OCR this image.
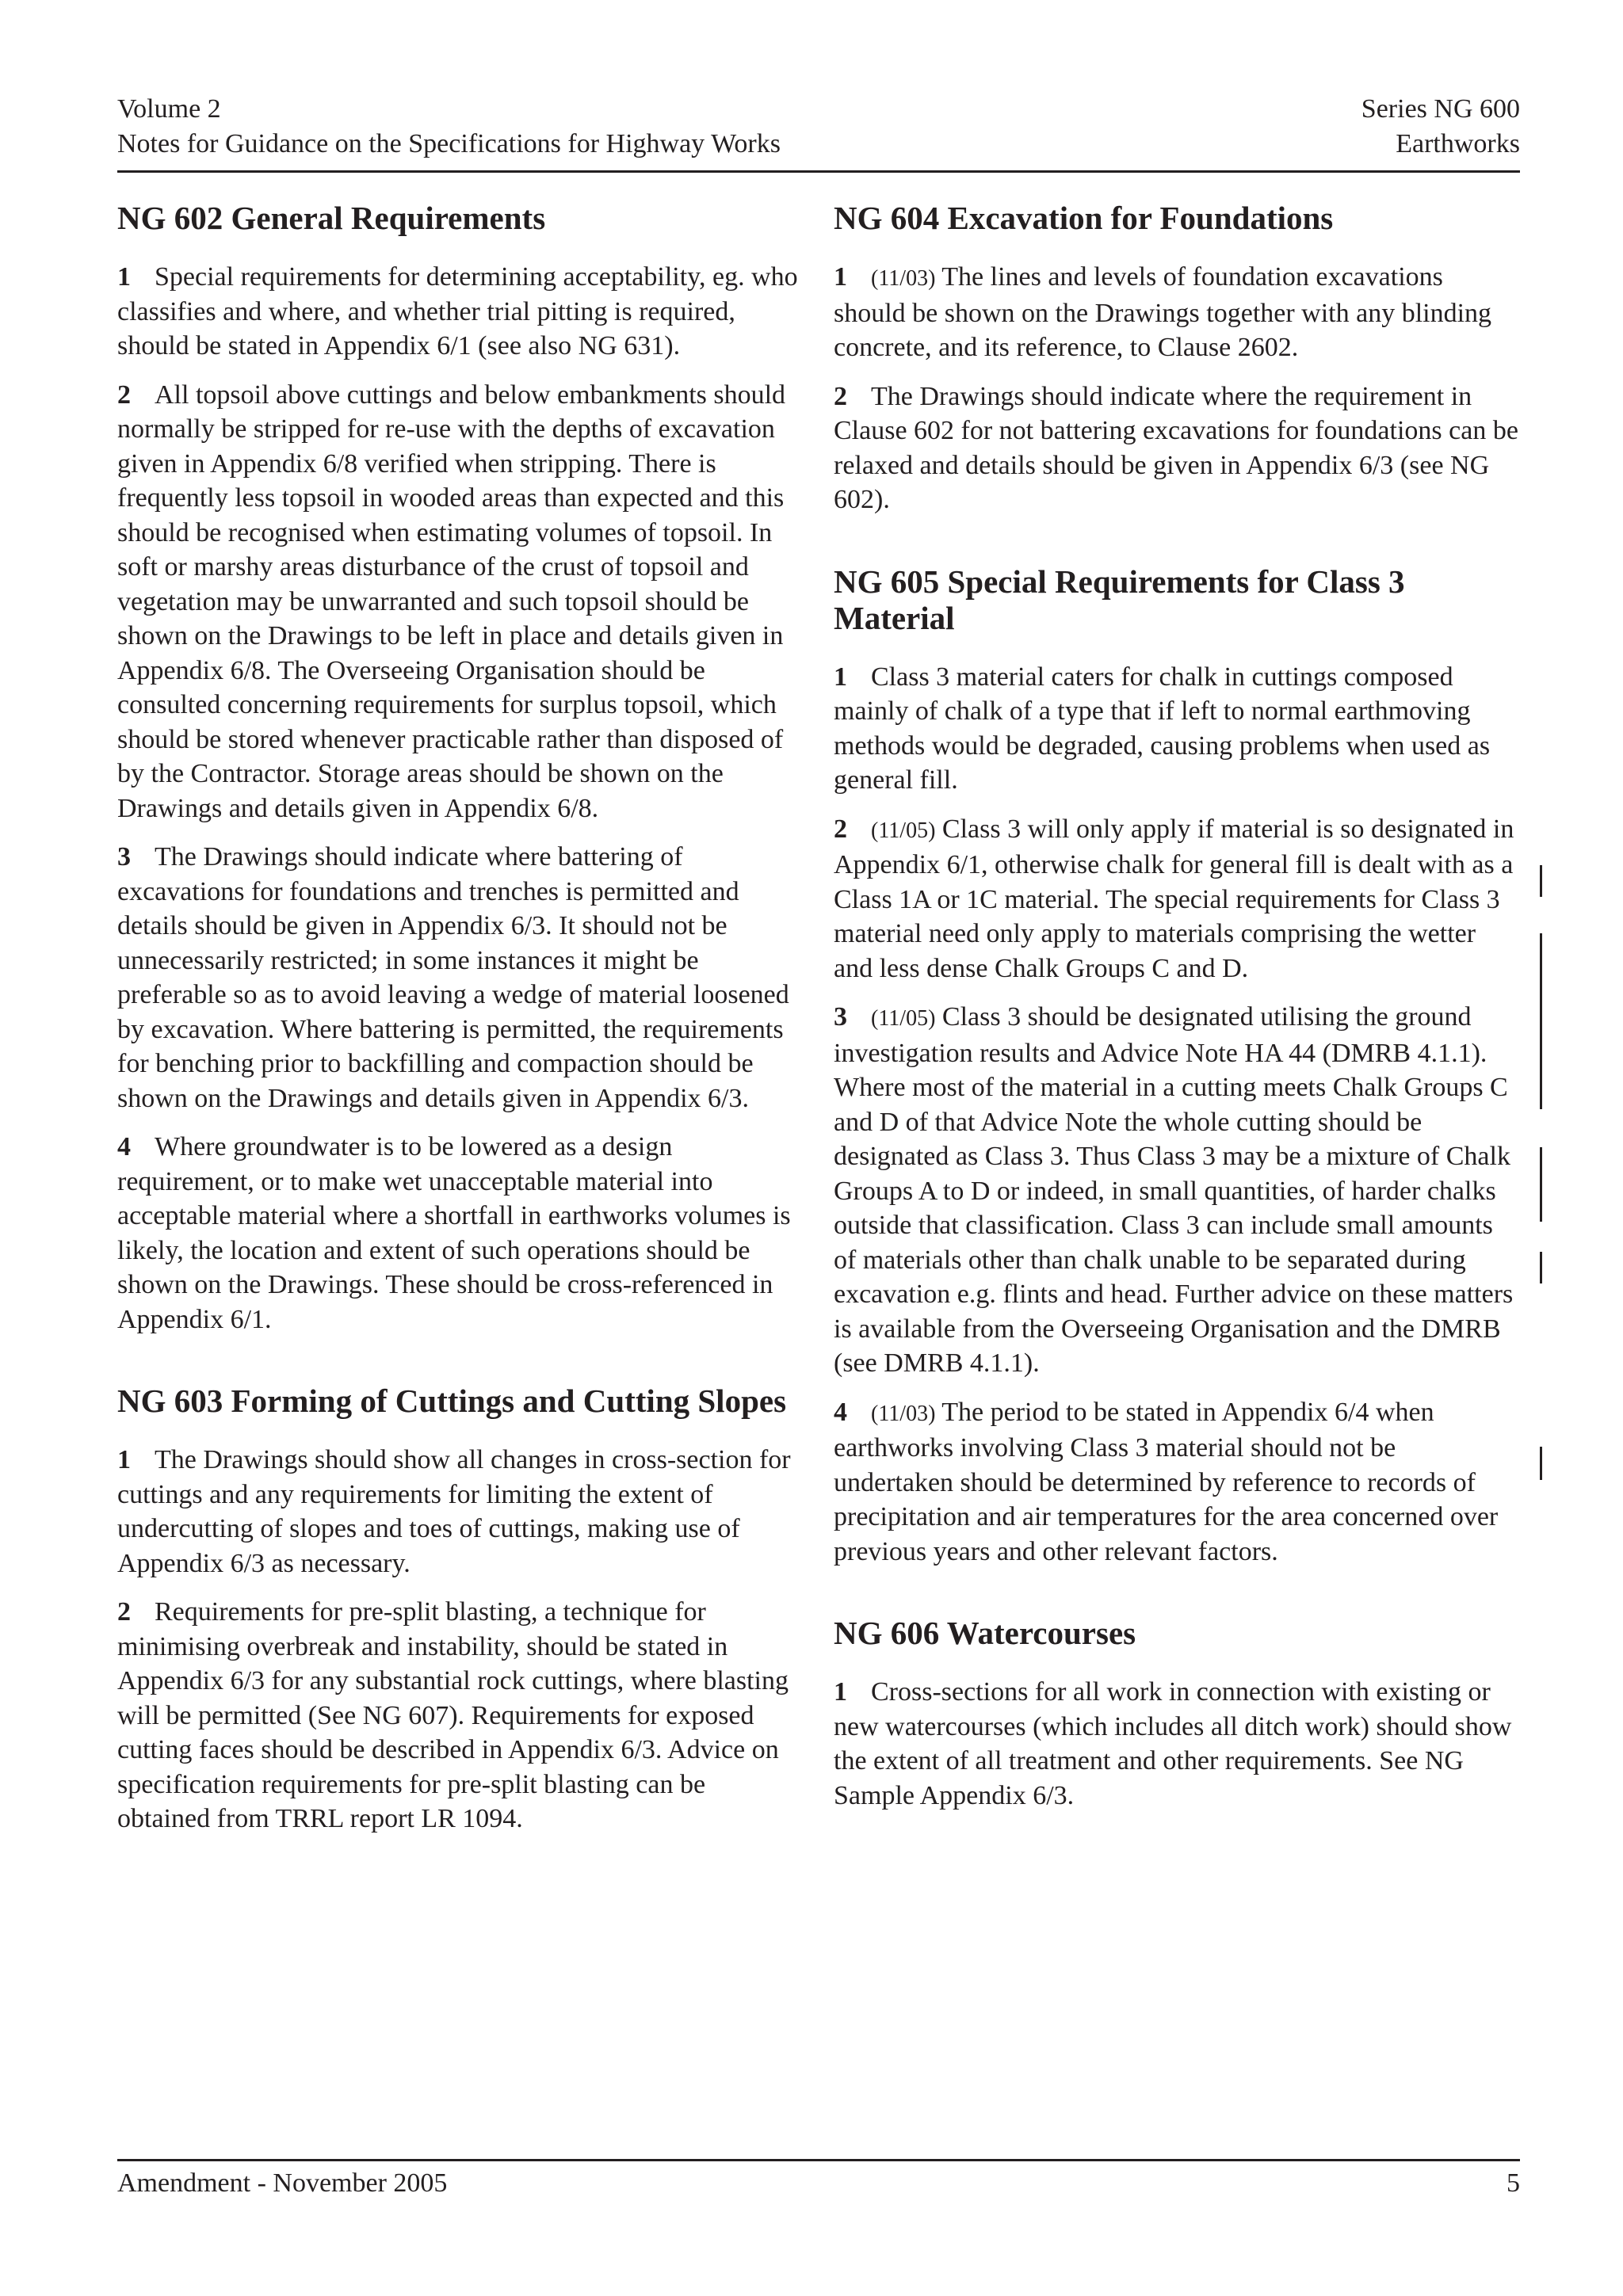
Volume 2
Notes for Guidance on the Specifications for Highway Works
Series NG 600
Earthworks
NG 602 General Requirements

1 Special requirements for determining acceptability, eg. who classifies and where, and whether trial pitting is required, should be stated in Appendix 6/1 (see also NG 631).

2 All topsoil above cuttings and below embankments should normally be stripped for re-use with the depths of excavation given in Appendix 6/8 verified when stripping. There is frequently less topsoil in wooded areas than expected and this should be recognised when estimating volumes of topsoil. In soft or marshy areas disturbance of the crust of topsoil and vegetation may be unwarranted and such topsoil should be shown on the Drawings to be left in place and details given in Appendix 6/8. The Overseeing Organisation should be consulted concerning requirements for surplus topsoil, which should be stored whenever practicable rather than disposed of by the Contractor. Storage areas should be shown on the Drawings and details given in Appendix 6/8.

3 The Drawings should indicate where battering of excavations for foundations and trenches is permitted and details should be given in Appendix 6/3. It should not be unnecessarily restricted; in some instances it might be preferable so as to avoid leaving a wedge of material loosened by excavation. Where battering is permitted, the requirements for benching prior to backfilling and compaction should be shown on the Drawings and details given in Appendix 6/3.

4 Where groundwater is to be lowered as a design requirement, or to make wet unacceptable material into acceptable material where a shortfall in earthworks volumes is likely, the location and extent of such operations should be shown on the Drawings. These should be cross-referenced in Appendix 6/1.

NG 603 Forming of Cuttings and Cutting Slopes

1 The Drawings should show all changes in cross-section for cuttings and any requirements for limiting the extent of undercutting of slopes and toes of cuttings, making use of Appendix 6/3 as necessary.

2 Requirements for pre-split blasting, a technique for minimising overbreak and instability, should be stated in Appendix 6/3 for any substantial rock cuttings, where blasting will be permitted (See NG 607). Requirements for exposed cutting faces should be described in Appendix 6/3. Advice on specification requirements for pre-split blasting can be obtained from TRRL report LR 1094.

NG 604 Excavation for Foundations

1 (11/03) The lines and levels of foundation excavations should be shown on the Drawings together with any blinding concrete, and its reference, to Clause 2602.

2 The Drawings should indicate where the requirement in Clause 602 for not battering excavations for foundations can be relaxed and details should be given in Appendix 6/3 (see NG 602).

NG 605 Special Requirements for Class 3 Material

1 Class 3 material caters for chalk in cuttings composed mainly of chalk of a type that if left to normal earthmoving methods would be degraded, causing problems when used as general fill.

2 (11/05) Class 3 will only apply if material is so designated in Appendix 6/1, otherwise chalk for general fill is dealt with as a Class 1A or 1C material. The special requirements for Class 3 material need only apply to materials comprising the wetter and less dense Chalk Groups C and D.

3 (11/05) Class 3 should be designated utilising the ground investigation results and Advice Note HA 44 (DMRB 4.1.1). Where most of the material in a cutting meets Chalk Groups C and D of that Advice Note the whole cutting should be designated as Class 3. Thus Class 3 may be a mixture of Chalk Groups A to D or indeed, in small quantities, of harder chalks outside that classification. Class 3 can include small amounts of materials other than chalk unable to be separated during excavation e.g. flints and head. Further advice on these matters is available from the Overseeing Organisation and the DMRB (see DMRB 4.1.1).

4 (11/03) The period to be stated in Appendix 6/4 when earthworks involving Class 3 material should not be undertaken should be determined by reference to records of precipitation and air temperatures for the area concerned over previous years and other relevant factors.

NG 606 Watercourses

1 Cross-sections for all work in connection with existing or new watercourses (which includes all ditch work) should show the extent of all treatment and other requirements. See NG Sample Appendix 6/3.

Amendment - November 2005	5
